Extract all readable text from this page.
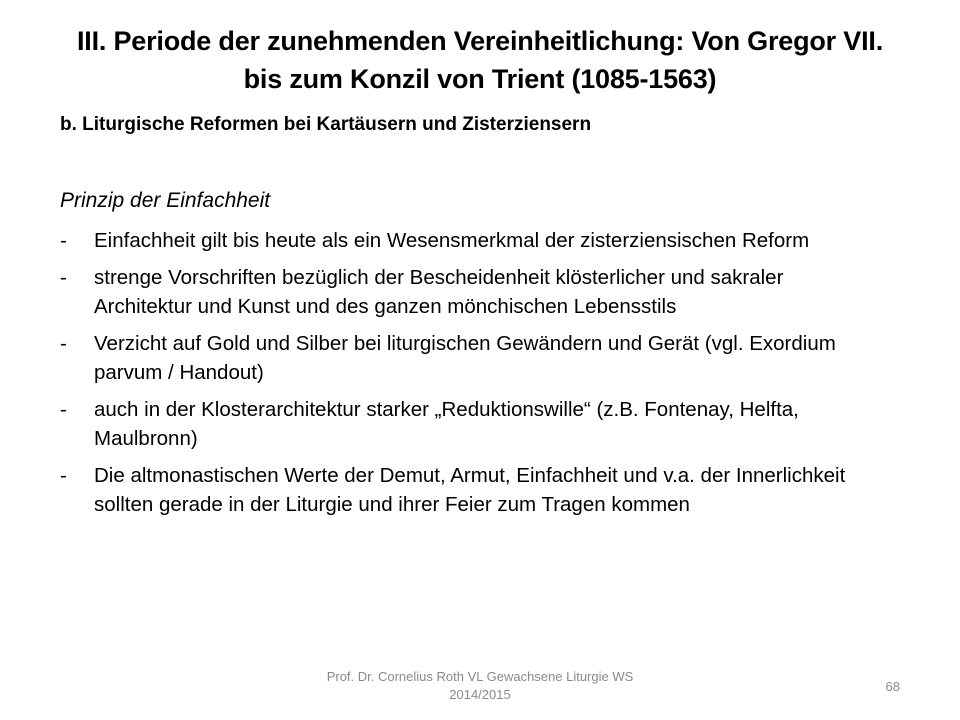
III. Periode der zunehmenden Vereinheitlichung: Von Gregor VII. bis zum Konzil von Trient (1085-1563)
b. Liturgische Reformen bei Kartäusern und Zisterziensern
Prinzip der Einfachheit
- Einfachheit gilt bis heute als ein Wesensmerkmal der zisterziensischen Reform
- strenge Vorschriften bezüglich der Bescheidenheit klösterlicher und sakraler Architektur und Kunst und des ganzen mönchischen Lebensstils
- Verzicht auf Gold und Silber bei liturgischen Gewändern und Gerät (vgl. Exordium parvum / Handout)
- auch in der Klosterarchitektur starker „Reduktionswille“ (z.B. Fontenay, Helfta, Maulbronn)
- Die altmonastischen Werte der Demut, Armut, Einfachheit und v.a. der Innerlichkeit sollten gerade in der Liturgie und ihrer Feier zum Tragen kommen
Prof. Dr. Cornelius Roth VL Gewachsene Liturgie WS 2014/2015
68
